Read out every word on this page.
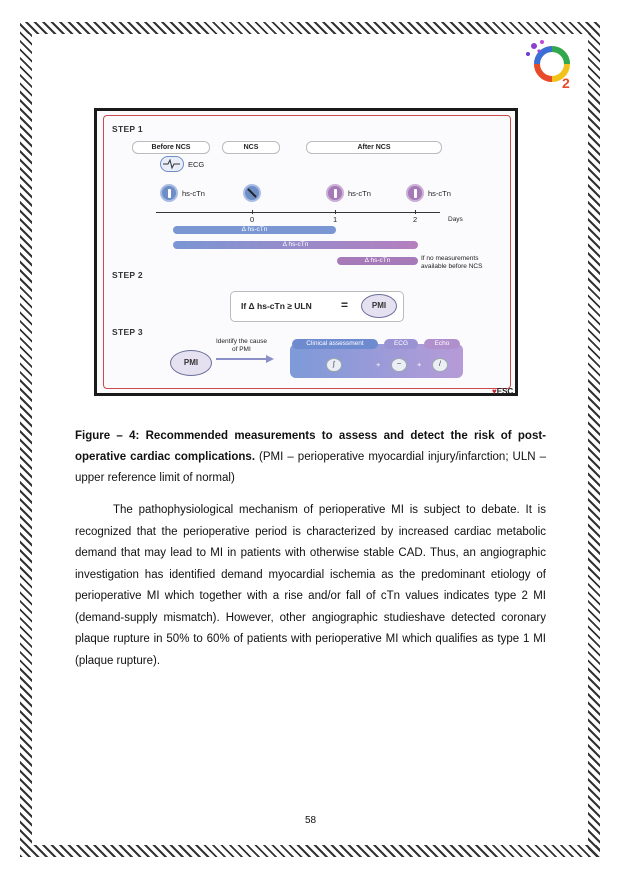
2
STEP 1
Before NCS	NCS	After NCS
ECG
hs-cTn	hs-cTn	hs-cTn
0	1	2	Days
Δ hs-cTn
Δ hs-cTn
Δ hs-cTn	If no measurements
available before NCS
STEP 2
If Δ hs-cTn ≥ ULN =	PMI
STEP 3
PMI
Identify the cause
of PMI
Clinical assessment	ECG	Echo
∫	+	~	+	/
♥ESC
Figure – 4: Recommended measurements to assess and detect the risk of post-operative cardiac complications. (PMI – perioperative myocardial injury/infarction; ULN – upper reference limit of normal)
The pathophysiological mechanism of perioperative MI is subject to debate. It is recognized that the perioperative period is characterized by increased cardiac metabolic demand that may lead to MI in patients with otherwise stable CAD. Thus, an angiographic investigation has identified demand myocardial ischemia as the predominant etiology of perioperative MI which together with a rise and/or fall of cTn values indicates type 2 MI (demand-supply mismatch). However, other angiographic studieshave detected coronary plaque rupture in 50% to 60% of patients with perioperative MI which qualifies as type 1 MI (plaque rupture).
58
